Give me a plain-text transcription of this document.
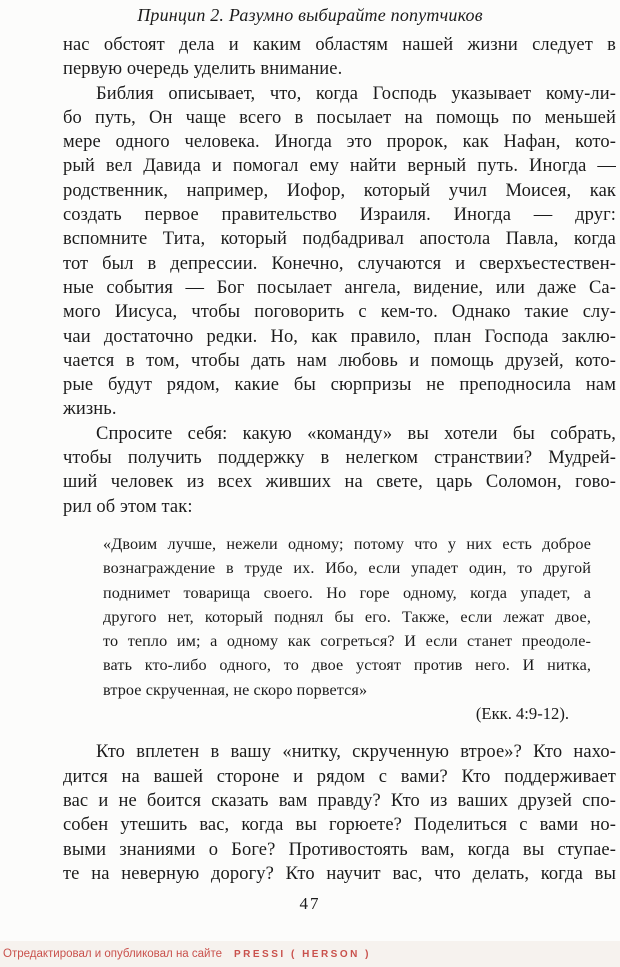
Принцип 2. Разумно выбирайте попутчиков
нас обстоят дела и каким областям нашей жизни следует в
первую очередь уделить внимание.
Библия описывает, что, когда Господь указывает кому-ли-
бо путь, Он чаще всего в посылает на помощь по меньшей
мере одного человека. Иногда это пророк, как Нафан, кото-
рый вел Давида и помогал ему найти верный путь. Иногда —
родственник, например, Иофор, который учил Моисея, как
создать первое правительство Израиля. Иногда — друг:
вспомните Тита, который подбадривал апостола Павла, когда
тот был в депрессии. Конечно, случаются и сверхъестествен-
ные события — Бог посылает ангела, видение, или даже Са-
мого Иисуса, чтобы поговорить с кем-то. Однако такие слу-
чаи достаточно редки. Но, как правило, план Господа заклю-
чается в том, чтобы дать нам любовь и помощь друзей, кото-
рые будут рядом, какие бы сюрпризы не преподносила нам
жизнь.
Спросите себя: какую «команду» вы хотели бы собрать,
чтобы получить поддержку в нелегком странствии? Мудрей-
ший человек из всех живших на свете, царь Соломон, гово-
рил об этом так:
«Двоим лучше, нежели одному; потому что у них есть доброе
вознаграждение в труде их. Ибо, если упадет один, то другой
поднимет товарища своего. Но горе одному, когда упадет, а
другого нет, который поднял бы его. Также, если лежат двое,
то тепло им; а одному как согреться? И если станет преодоле-
вать кто-либо одного, то двое устоят против него. И нитка,
втрое скрученная, не скоро порвется»
(Екк. 4:9-12).
Кто вплетен в вашу «нитку, скрученную втрое»? Кто нахо-
дится на вашей стороне и рядом с вами? Кто поддерживает
вас и не боится сказать вам правду? Кто из ваших друзей спо-
собен утешить вас, когда вы горюете? Поделиться с вами но-
выми знаниями о Боге? Противостоять вам, когда вы ступае-
те на неверную дорогу? Кто научит вас, что делать, когда вы
47
Отредактировал и опубликовал на сайте PRESSI ( HERSON )
